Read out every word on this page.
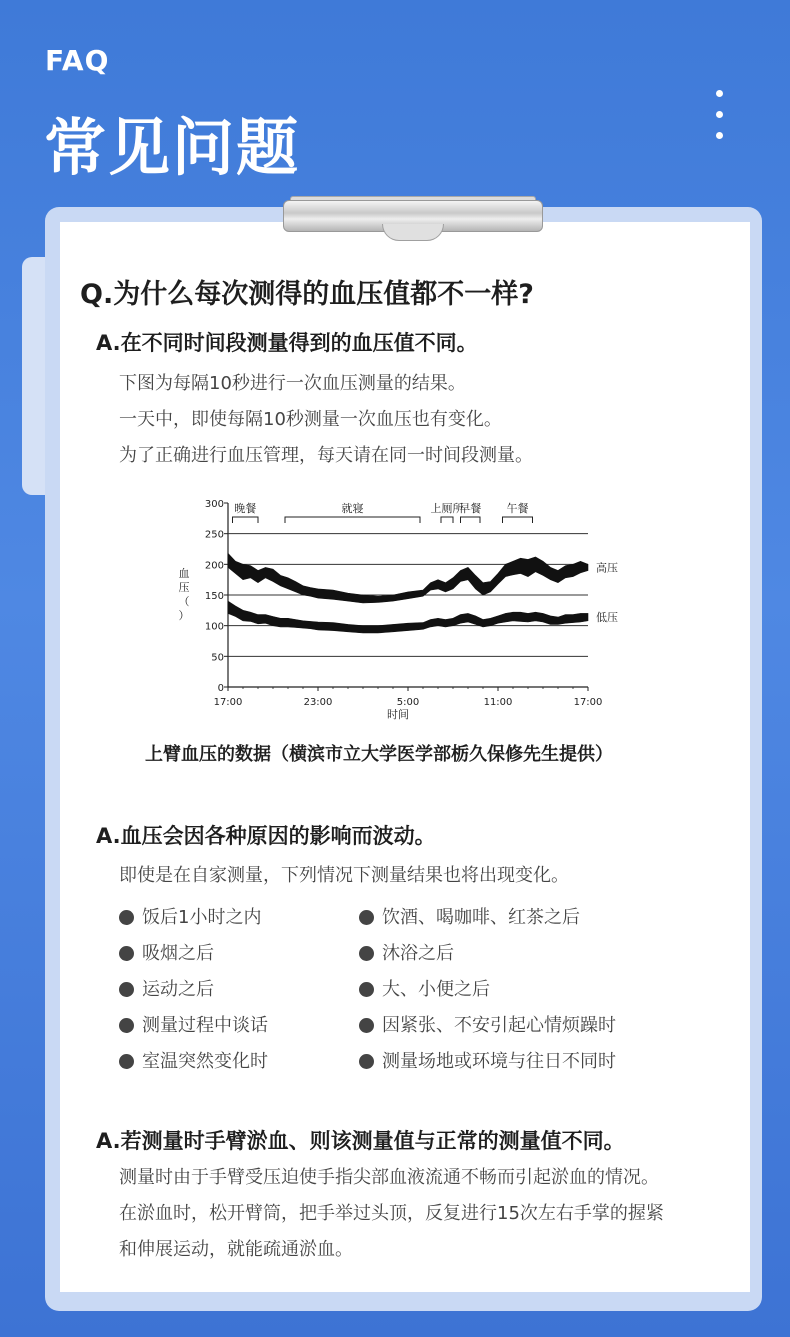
FAQ
常见问题
Q.为什么每次测得的血压值都不一样?
A.在不同时间段测量得到的血压值不同。
下图为每隔10秒进行一次血压测量的结果。
一天中，即使每隔10秒测量一次血压也有变化。
为了正确进行血压管理，每天请在同一时间段测量。
0
50
100
150
200
250
300
17:00	23:00	5:00	11:00	17:00
时间
血
压
（
）
高压
低压
晚餐	就寝	上厕所
早餐 午餐
上臂血压的数据（横滨市立大学医学部栃久保修先生提供）
A.血压会因各种原因的影响而波动。
即使是在自家测量，下列情况下测量结果也将出现变化。
饭后1小时之内	饮酒、喝咖啡、红茶之后
吸烟之后	沐浴之后
运动之后	大、小便之后
测量过程中谈话	因紧张、不安引起心情烦躁时
室温突然变化时	测量场地或环境与往日不同时
A.若测量时手臂淤血、则该测量值与正常的测量值不同。
测量时由于手臂受压迫使手指尖部血液流通不畅而引起淤血的情况。
在淤血时，松开臂筒，把手举过头顶，反复进行15次左右手掌的握紧
和伸展运动，就能疏通淤血。
